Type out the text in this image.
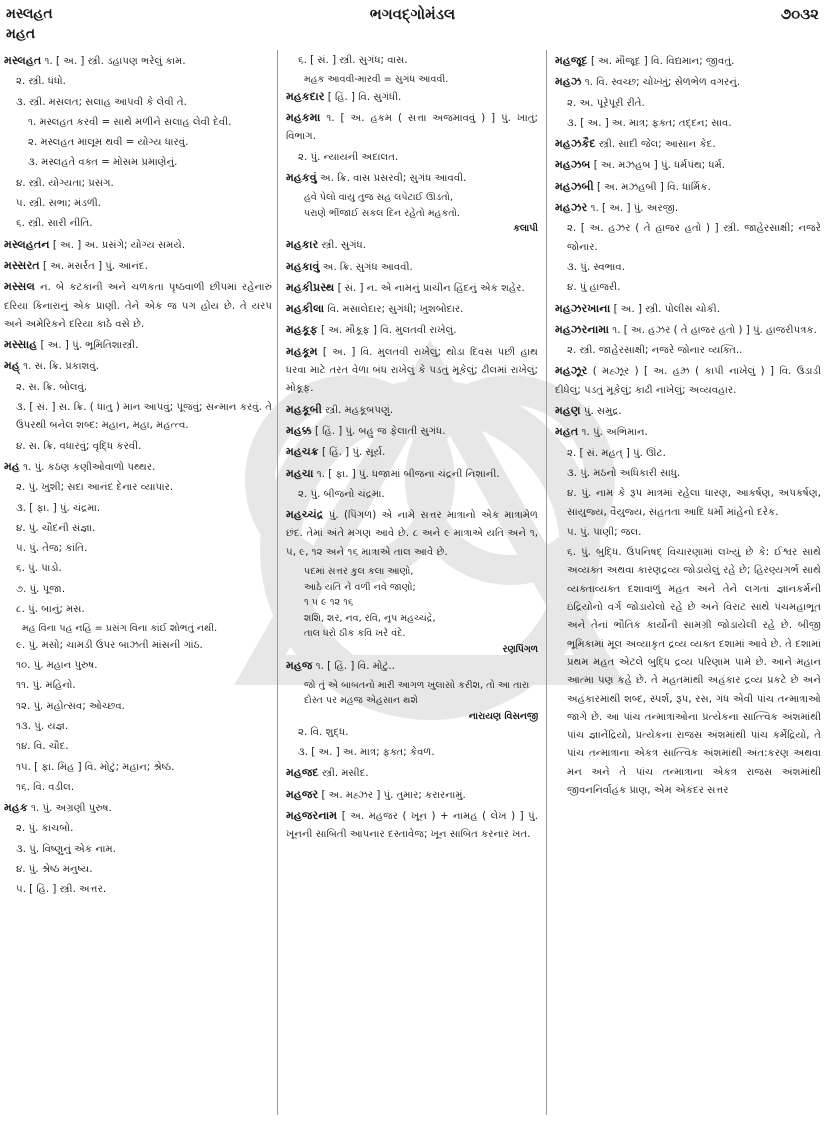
મસ્લહત
મહત
ભગવદ્ગોમંડલ	૭૦૩૨
મસ્લહત ૧. [ અ. ] સ્ત્રી. ડહાપણ ભરેલું કામ.
૨. સ્ત્રી. ધંધો.
૩. સ્ત્રી. મસલત; સલાહ આપવી કે લેવી તે.
૧. મસ્લહત કરવી = સાથે મળીને સલાહ લેવી દેવી.
૨. મસ્લહત માલૂમ થવી = યોગ્ય ધારવું.
૩. મસ્લહતે વક્ત = મોસમ પ્રમાણેનું.
૪. સ્ત્રી. યોગ્યતા; પ્રસંગ.
૫. સ્ત્રી. સભા; મંડળી.
૬. સ્ત્રી. સારી નીતિ.
મસ્લહતન [ અ. ] અ. પ્રસંગે; યોગ્ય સમયે.
મસ્સરત [ અ. મસર્રત ] પું. આનંદ.
મસ્સલ ન. બે કટકાની અને ચળકતા પૃષ્ઠવાળી છીપમાં રહેનારું દરિયા કિનારાનું એક પ્રાણી. તેને એક જ પગ હોય છે. તે યરપ અને અમેરિકને દરિયા કાઠે વસે છે.
મસ્સાહ [ અ. ] પું. ભૂમિતિશાસ્ત્રી.
મહ્ ૧. સ. ક્રિ. પ્રકાશવું.
૨. સ. ક્રિ. બોલવું.
૩. [ સં. ] સ. ક્રિ. ( ધાતુ ) માન આપવું; પૂજવું; સન્માન કરવું. તે ઉપરથી બનેલ શબ્દ: મહાન, મહા, મહત્ત્વ.
૪. સ. ક્રિ. વધારવું; વૃદ્ધિ કરવી.
મહ ૧. પું. કઠણ કણીઓવાળો પથ્થર.
૨. પું. ખુશી; સદા આનંદ દેનાર વ્યાપાર.
૩. [ ફા. ] પું. ચંદ્રમા.
૪. પું. ચૌદની સંજ્ઞા.
૫. પું. તેજ; કાંતિ.
૬. પું. પાડો.
૭. પું. પૂજા.
૮. પું. બાનું; મસ.
મહ વિના પહ નહિ = પ્રસંગ વિના કાંઈ શોભતું નથી.
૯. પું. મસો; ચામડી ઉપર બાઝતી માંસની ગાંઠ.
૧૦. પું. મહાન પુરુષ.
૧૧. પું. મહિનો.
૧૨. પું. મહોત્સવ; ઓચ્છવ.
૧૩. પું. યજ્ઞ.
૧૪. વિ. ચૌદ.
૧૫. [ ફા. મિહ ] વિ. મોટું; મહાન; શ્રેષ્ઠ.
૧૬. વિ. વડીલ.
મહક ૧. પું. અગ્રણી પુરુષ.
૨. પું. કાચબો.
૩. પું. વિષ્ણુનું એક નામ.
૪. પું. શ્રેષ્ઠ મનુષ્ય.
૫. [ હિં. ] સ્ત્રી. અત્તર.
૬. [ સં. ] સ્ત્રી. સુગંધ; વાસ.
મહક આવવી-મારવી = સુગંધ આવવી.
મહકદાર [ હિં. ] વિ. સુગંધી.
મહકમા ૧. [ અ. હકમ ( સત્તા અજમાવવું ) ] પું. ખાતું; વિભાગ.
૨. પું. ન્યાયની અદાલત.
મહકવું અ. ક્રિ. વાસ પ્રસરવી; સુગંધ આવવી.
હવે પેલો વાયુ તુજ સહ લપેટાઈ ઊડતો,
પરાણે ભીંજાઈ સકલ દિન રહેતો મહકતો.
કલાપી
મહકાર સ્ત્રી. સુગંધ.
મહકાવું અ. ક્રિ. સુગંધ આવવી.
મહકીપ્રસ્થ [ સં. ] ન. એ નામનું પ્રાચીન હિંદનું એક શહેર.
મહકીલા વિ. મસાલેદાર; સુગંધી; ખુશબોદાર.
મહકૂફ [ અ. મૌકૂફ ] વિ. મુલતવી રાખેલું.
મહકૂમ [ અ. ] વિ. મુલતવી રાખેલું; થોડા દિવસ પછી હાથ ધરવા માટે તરત વેળા બંધ રાખેલું કે પડતું મૂકેલું; ઢીલમાં રાખેલું; મોકૂફ.
મહકૂબી સ્ત્રી. મહકૂબપણું.
મહક્ક [ હિં. ] પું. બહુ જ ફેલાતી સુગંધ.
મહચક્ર [ હિં. ] પું. સૂર્ય.
મહચા ૧. [ ફા. ] પું. ધજામાં બીજના ચંદ્રની નિશાની.
૨. પું. બીજનો ચંદ્રમા.
મહચ્ચંદ્ર પું. (પિંગળ) એ નામે સત્તર માત્રાનો એક માત્રામેળ છંદ. તેમાં અંતે મગણ આવે છે. ૮ અને ૯ માત્રાએ યતિ અને ૧, ૫, ૯, ૧૨ અને ૧૬ માત્રાએ તાલ આવે છે.
પદમાં સત્તર કુલ કલા આણો,
આઠે યતિ ને વળી નવે જાણો;
૧ ૫ ૯ ૧૨ ૧૬
શશિ, શર, નવ, રવિ, નૃપ મહચ્ચંદ્રે,
તાલ ધરો ઠીક કવિ ખરે વંદે.
રણપિંગળ
મહજ ૧. [ હિં. ] વિ. મોટું..
જો તું એ બાબતનો મારી આગળ ખુલાસો કરીશ, તો આ તારા દોસ્ત પર મહજ એહસાન થશે
નારાયણ વિસનજી
૨. વિ. શુદ્ધ.
૩. [ અ. ] અ. માત્ર; ફક્ત; કેવળ.
મહજદ સ્ત્રી. મસીદ.
મહજર [ અ. મહ્ઝર ] પું. તુમાર; કરારનામું.
મહજરનામ [ અ. મહજર ( ખૂન ) + નામહ ( લેખ ) ] પું. ખૂનની સાબિતી આપનાર દસ્તાવેજ; ખૂન સાબિત કરનાર ખત.
મહજૂદ [ અ. મૌજૂદ ] વિ. વિદ્યમાન; જીવતું.
મહઝ ૧. વિ. સ્વચ્છ; ચોખ્ખું; સેળભેળ વગરનું.
૨. અ. પૂરેપૂરી રીતે.
૩. [ અ. ] અ. માત્ર; ફક્ત; તદ્દન; સાવ.
મહઝકૈદ સ્ત્રી. સાદી જેલ; આસાન કેદ.
મહઝબ [ અ. મઝહબ ] પું. ધર્મપંથ; ધર્મ.
મહઝબી [ અ. મઝહબી ] વિ. ધાર્મિક.
મહઝર ૧. [ અ. ] પું. અરજી.
૨. [ અ. હઝર ( તે હાજર હતો ) ] સ્ત્રી. જાહેરસાક્ષી; નજરે જોનાર.
૩. પું. સ્વભાવ.
૪. પું હાજરી.
મહઝરખાના [ અ. ] સ્ત્રી. પોલીસ ચોકી.
મહઝરનામા ૧. [ અ. હઝર ( તે હાજર હતો ) ] પું. હાજરીપત્રક.
૨. સ્ત્રી. જાહેરસાક્ષી; નજરે જોનાર વ્યક્તિ..
મહઝૂર ( મહ્ઝૂર ) [ અ. હઝ્ર ( કાપી નાખેલું ) ] વિ. ઉડાડી દીધેલું; પડતું મૂકેલું; કાઢી નાખેલું; અવ્યવહાર.
મહણ પું. સમુદ્ર.
મહત ૧. પું. અભિમાન.
૨. [ સં. મહત્ ] પું. ઊંટ.
૩. પું. મઠનો અધિકારી સાધુ.
૪. પું. નામ કે રૂપ માત્રમાં રહેલા ધારણ, આકર્ષણ, અપકર્ષણ, સાયુજ્ય, વૈયુજ્ય, સંહતતા આદિ ધર્મો માંહેનો દરેક.
૫. પું. પાણી; જલ.
૬. પું. બુદ્ધિ. ઉપનિષદ્ વિચારણામાં લખ્યું છે કે: ઈશ્વર સાથે અવ્યક્ત અથવા કારણદ્રવ્ય જોડાયેલું રહે છે; હિરણ્યગર્ભ સાથે વ્યક્તાવ્યક્ત દશાવાળું મહત અને તેને લગતાં જ્ઞાનકર્મની ઇંદ્રિયોનો વર્ગ જોડાયેલો રહે છે અને વિરાટ સાથે પંચમહાભૂત અને તેનાં ભૌતિક કાર્યોની સામગ્રી જોડાયેલી રહે છે. બીજી ભૂમિકામાં મૂલ અવ્યાકૃત દ્રવ્ય વ્યક્ત દશામાં આવે છે. તે દશામાં પ્રથમ મહત એટલે બુદ્ધિ દ્રવ્ય પરિણામ પામે છે. આને મહાન આત્મા પણ કહે છે. તે મહતમાંથી અહંકાર દ્રવ્ય પ્રકટે છે અને અહંકારમાંથી શબ્દ, સ્પર્શ, રૂપ, રસ, ગંધ એવી પાંચ તન્માત્રાઓ જાગે છે. આ પાંચ તન્માત્રાઓના પ્રત્યેકના સાત્ત્વિક અંશમાંથી પાંચ જ્ઞાનેંદ્રિયો, પ્રત્યેકના રાજસ અંશમાંથી પાંચ કર્મેંદ્રિયો, તે પાંચ તન્માત્રાના એકત્ર સાત્ત્વિક અંશમાંથી અંત:કરણ અથવા મન અને તે પાંચ તન્માત્રાના એકત્ર રાજસ અંશમાંથી જીવનનિર્વાહક પ્રાણ, એમ એકંદર સત્તર
